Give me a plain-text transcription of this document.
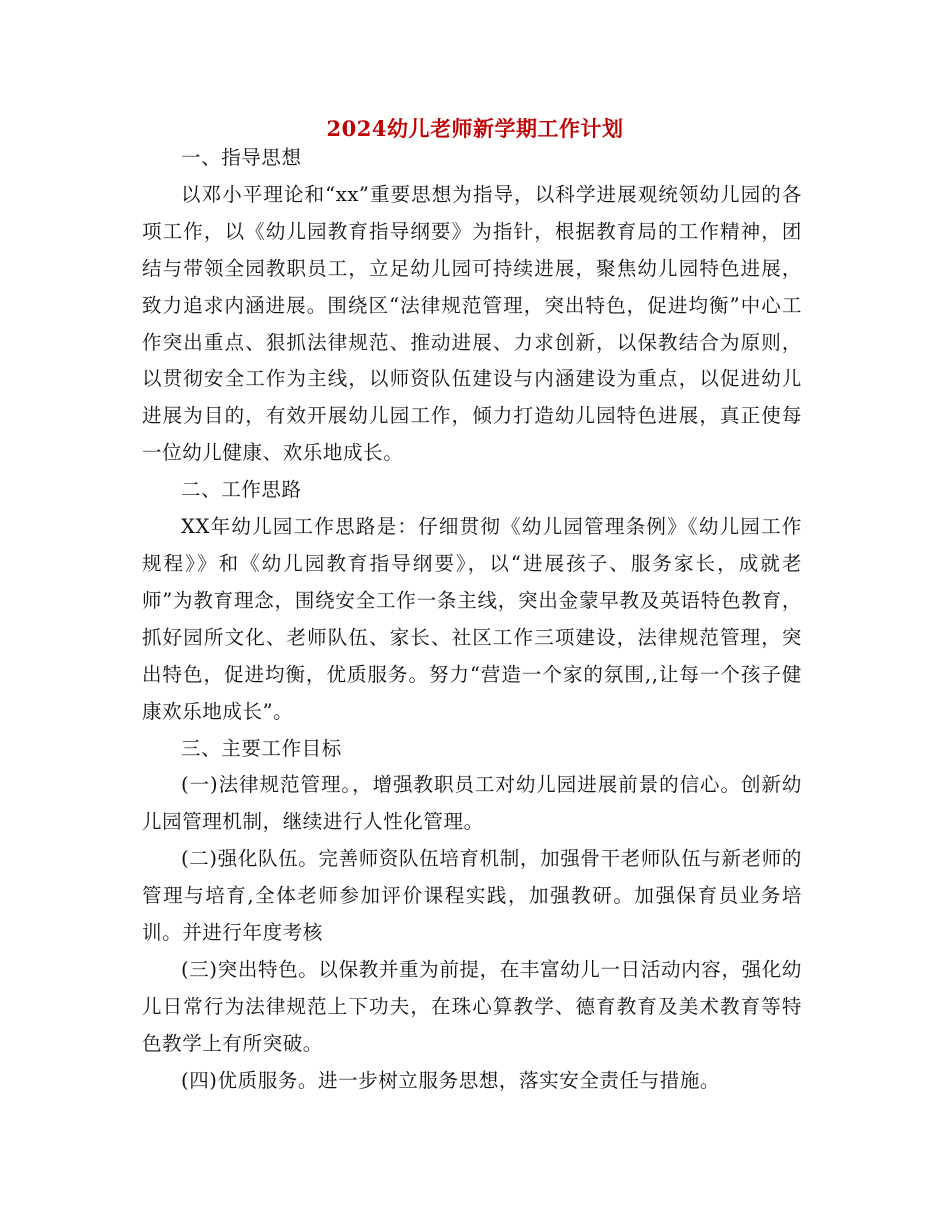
2024幼儿老师新学期工作计划

一、指导思想

以邓小平理论和“xx”重要思想为指导，以科学进展观统领幼儿园的各项工作，以《幼儿园教育指导纲要》为指针，根据教育局的工作精神，团结与带领全园教职员工，立足幼儿园可持续进展，聚焦幼儿园特色进展，致力追求内涵进展。围绕区“法律规范管理，突出特色，促进均衡”中心工作突出重点、狠抓法律规范、推动进展、力求创新，以保教结合为原则，以贯彻安全工作为主线，以师资队伍建设与内涵建设为重点，以促进幼儿进展为目的，有效开展幼儿园工作，倾力打造幼儿园特色进展，真正使每一位幼儿健康、欢乐地成长。

二、工作思路

XX年幼儿园工作思路是：仔细贯彻《幼儿园管理条例》《幼儿园工作规程》》和《幼儿园教育指导纲要》，以“进展孩子、服务家长，成就老师”为教育理念，围绕安全工作一条主线，突出金蒙早教及英语特色教育，抓好园所文化、老师队伍、家长、社区工作三项建设，法律规范管理，突出特色，促进均衡，优质服务。努力“营造一个家的氛围,,让每一个孩子健康欢乐地成长”。

三、主要工作目标

(一)法律规范管理。，增强教职员工对幼儿园进展前景的信心。创新幼儿园管理机制，继续进行人性化管理。

(二)强化队伍。完善师资队伍培育机制，加强骨干老师队伍与新老师的管理与培育,全体老师参加评价课程实践，加强教研。加强保育员业务培训。并进行年度考核

(三)突出特色。以保教并重为前提，在丰富幼儿一日活动内容，强化幼儿日常行为法律规范上下功夫，在珠心算教学、德育教育及美术教育等特色教学上有所突破。

(四)优质服务。进一步树立服务思想，落实安全责任与措施。
